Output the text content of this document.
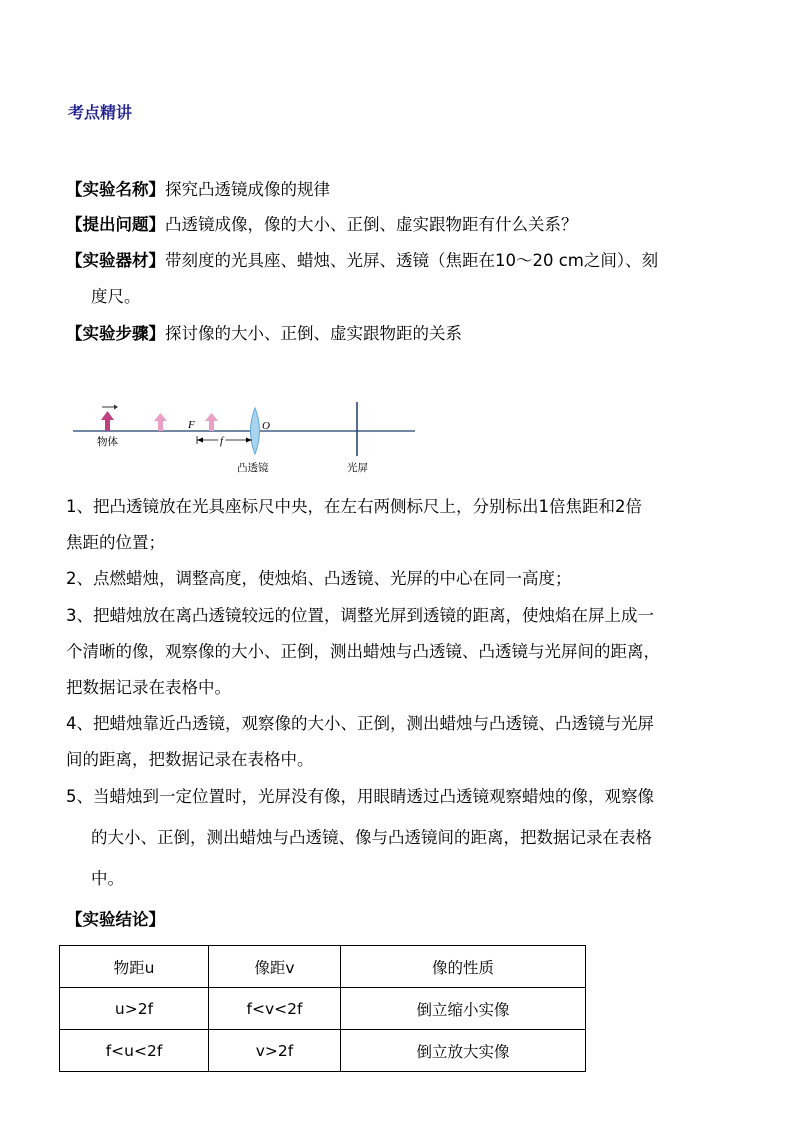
考点精讲
【实验名称】探究凸透镜成像的规律
【提出问题】凸透镜成像，像的大小、正倒、虚实跟物距有什么关系？
【实验器材】带刻度的光具座、蜡烛、光屏、透镜（焦距在10～20 cm之间）、刻
度尺。
【实验步骤】探讨像的大小、正倒、虚实跟物距的关系
F
f
O
物体
凸透镜	光屏
1、把凸透镜放在光具座标尺中央，在左右两侧标尺上，分别标出1倍焦距和2倍
焦距的位置；
2、点燃蜡烛，调整高度，使烛焰、凸透镜、光屏的中心在同一高度；
3、把蜡烛放在离凸透镜较远的位置，调整光屏到透镜的距离，使烛焰在屏上成一
个清晰的像，观察像的大小、正倒，测出蜡烛与凸透镜、凸透镜与光屏间的距离，
把数据记录在表格中。
4、把蜡烛靠近凸透镜，观察像的大小、正倒，测出蜡烛与凸透镜、凸透镜与光屏
间的距离，把数据记录在表格中。
5、当蜡烛到一定位置时，光屏没有像，用眼睛透过凸透镜观察蜡烛的像，观察像
的大小、正倒，测出蜡烛与凸透镜、像与凸透镜间的距离，把数据记录在表格
中。
【实验结论】
物距u	像距v	像的性质
u>2f	f<v<2f	倒立缩小实像
f<u<2f	v>2f	倒立放大实像
